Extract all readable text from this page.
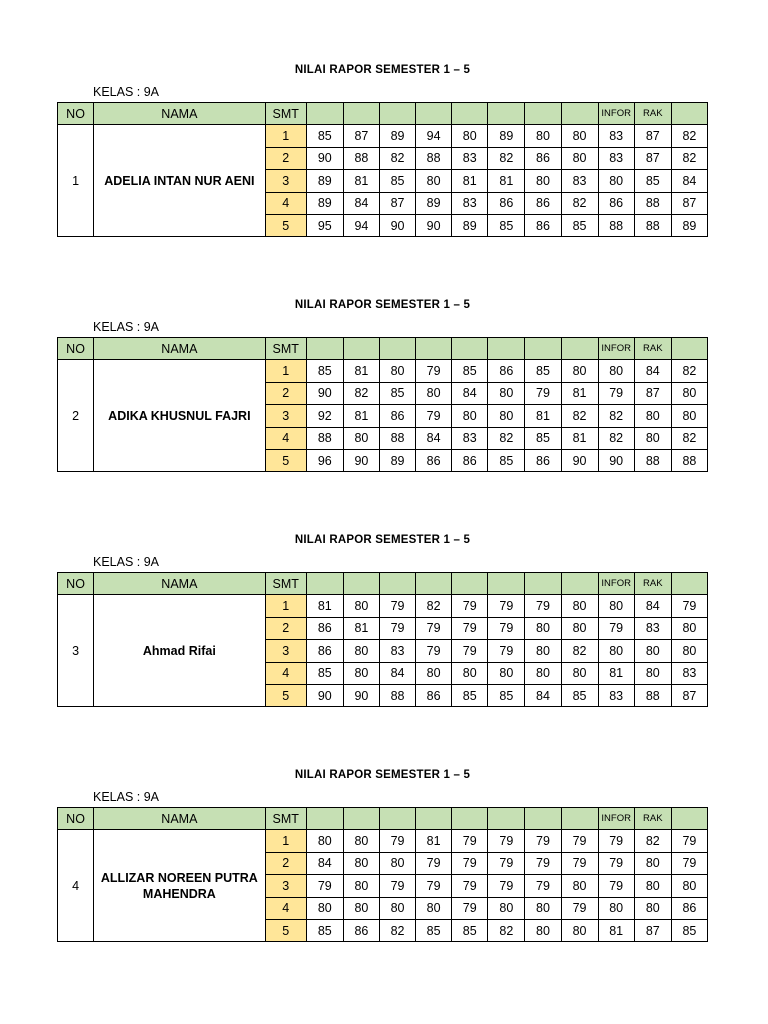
NILAI RAPOR SEMESTER 1 – 5
KELAS : 9A
NO	NAMA	SMT									INFOR	RAK	
1	ADELIA INTAN NUR AENI	1	85	87	89	94	80	89	80	80	83	87	82
		2	90	88	82	88	83	82	86	80	83	87	82
		3	89	81	85	80	81	81	80	83	80	85	84
		4	89	84	87	89	83	86	86	82	86	88	87
		5	95	94	90	90	89	85	86	85	88	88	89
NILAI RAPOR SEMESTER 1 – 5
KELAS : 9A
NO	NAMA	SMT									INFOR	RAK	
2	ADIKA KHUSNUL FAJRI	1	85	81	80	79	85	86	85	80	80	84	82
		2	90	82	85	80	84	80	79	81	79	87	80
		3	92	81	86	79	80	80	81	82	82	80	80
		4	88	80	88	84	83	82	85	81	82	80	82
		5	96	90	89	86	86	85	86	90	90	88	88
NILAI RAPOR SEMESTER 1 – 5
KELAS : 9A
NO	NAMA	SMT									INFOR	RAK	
3	Ahmad Rifai	1	81	80	79	82	79	79	79	80	80	84	79
		2	86	81	79	79	79	79	80	80	79	83	80
		3	86	80	83	79	79	79	80	82	80	80	80
		4	85	80	84	80	80	80	80	80	81	80	83
		5	90	90	88	86	85	85	84	85	83	88	87
NILAI RAPOR SEMESTER 1 – 5
KELAS : 9A
NO	NAMA	SMT									INFOR	RAK	
4	ALLIZAR NOREEN PUTRA MAHENDRA	1	80	80	79	81	79	79	79	79	79	82	79
		2	84	80	80	79	79	79	79	79	79	80	79
		3	79	80	79	79	79	79	79	80	79	80	80
		4	80	80	80	80	79	80	80	79	80	80	86
		5	85	86	82	85	85	82	80	80	81	87	85
